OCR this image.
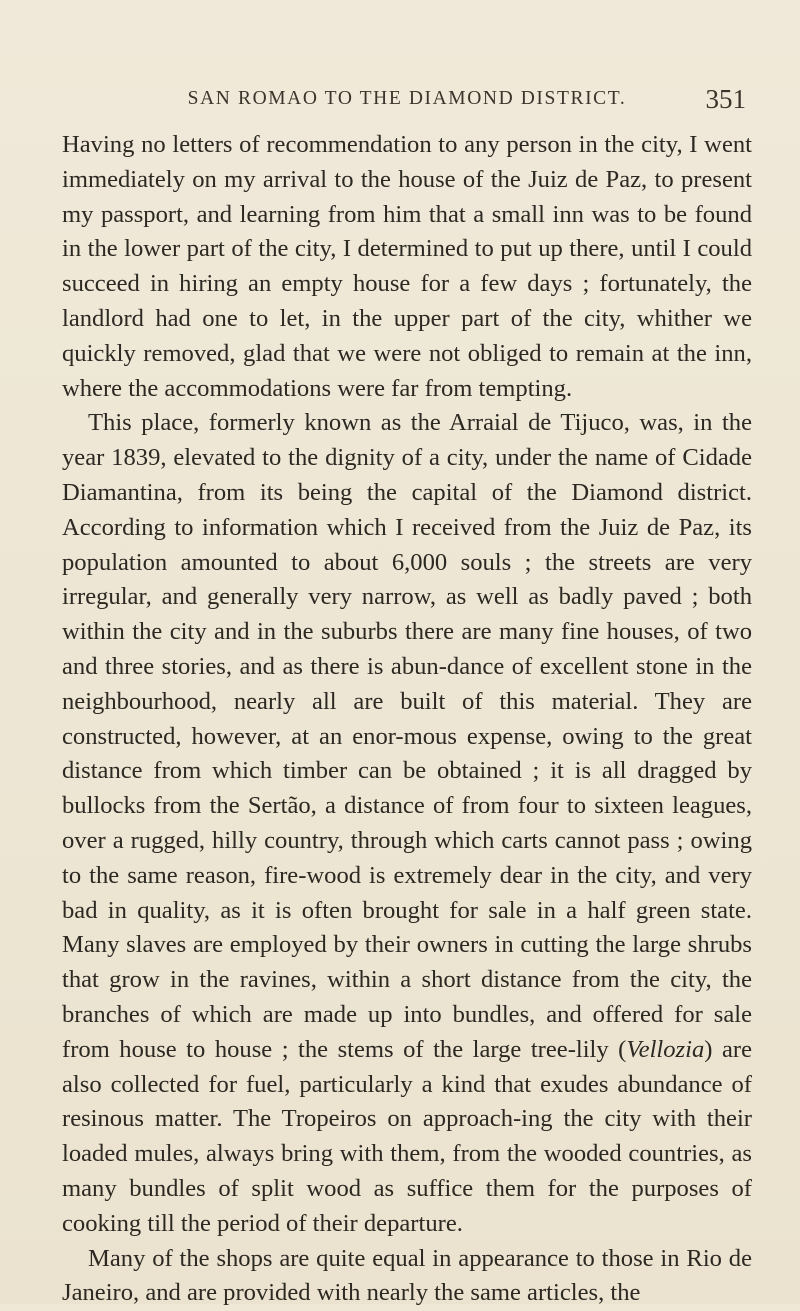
SAN ROMAO TO THE DIAMOND DISTRICT.	351

Having no letters of recommendation to any person in the city, I went immediately on my arrival to the house of the Juiz de Paz, to present my passport, and learning from him that a small inn was to be found in the lower part of the city, I determined to put up there, until I could succeed in hiring an empty house for a few days ; fortunately, the landlord had one to let, in the upper part of the city, whither we quickly removed, glad that we were not obliged to remain at the inn, where the accommodations were far from tempting.

This place, formerly known as the Arraial de Tijuco, was, in the year 1839, elevated to the dignity of a city, under the name of Cidade Diamantina, from its being the capital of the Diamond district. According to information which I received from the Juiz de Paz, its population amounted to about 6,000 souls ; the streets are very irregular, and generally very narrow, as well as badly paved ; both within the city and in the suburbs there are many fine houses, of two and three stories, and as there is abun-dance of excellent stone in the neighbourhood, nearly all are built of this material. They are constructed, however, at an enor-mous expense, owing to the great distance from which timber can be obtained ; it is all dragged by bullocks from the Sertão, a distance of from four to sixteen leagues, over a rugged, hilly country, through which carts cannot pass ; owing to the same reason, fire-wood is extremely dear in the city, and very bad in quality, as it is often brought for sale in a half green state. Many slaves are employed by their owners in cutting the large shrubs that grow in the ravines, within a short distance from the city, the branches of which are made up into bundles, and offered for sale from house to house ; the stems of the large tree-lily (Vellozia) are also collected for fuel, particularly a kind that exudes abundance of resinous matter. The Tropeiros on approach-ing the city with their loaded mules, always bring with them, from the wooded countries, as many bundles of split wood as suffice them for the purposes of cooking till the period of their departure.

Many of the shops are quite equal in appearance to those in Rio de Janeiro, and are provided with nearly the same articles, the
